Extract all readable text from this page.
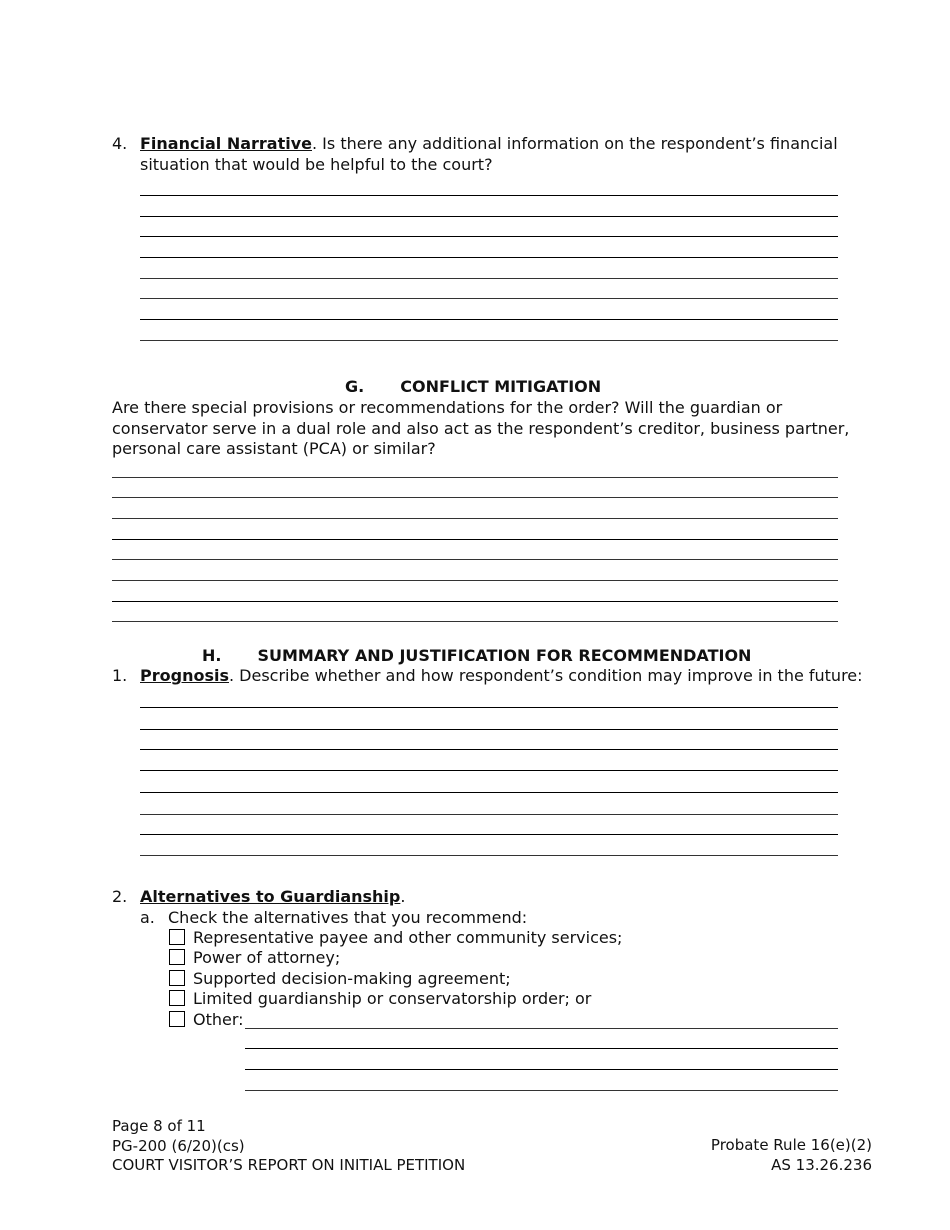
4. Financial Narrative. Is there any additional information on the respondent’s financial
situation that would be helpful to the court?
G. CONFLICT MITIGATION
Are there special provisions or recommendations for the order? Will the guardian or
conservator serve in a dual role and also act as the respondent’s creditor, business partner,
personal care assistant (PCA) or similar?
H. SUMMARY AND JUSTIFICATION FOR RECOMMENDATION
1. Prognosis. Describe whether and how respondent’s condition may improve in the future:
2. Alternatives to Guardianship.
a. Check the alternatives that you recommend:
Representative payee and other community services;
Power of attorney;
Supported decision-making agreement;
Limited guardianship or conservatorship order; or
Other:
Page 8 of 11
PG-200 (6/20)(cs)
COURT VISITOR’S REPORT ON INITIAL PETITION
Probate Rule 16(e)(2)
AS 13.26.236
